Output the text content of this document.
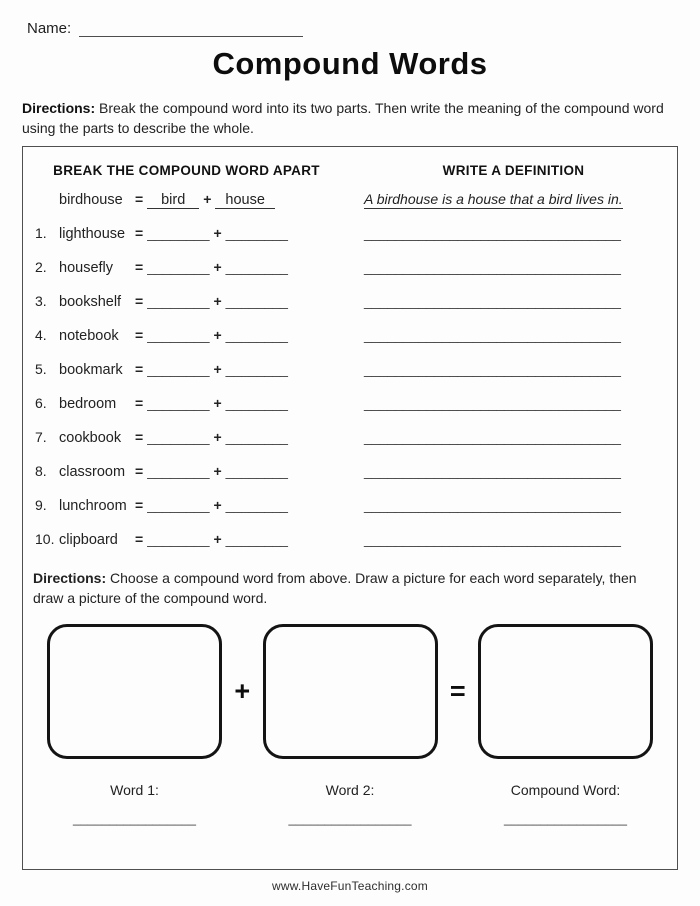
Name:
Compound Words
Directions: Break the compound word into its two parts. Then write the meaning of the compound word using the parts to describe the whole.
BREAK THE COMPOUND WORD APART	WRITE A DEFINITION
birdhouse =	bird	+ house	A birdhouse is a house that a bird lives in.
1. lighthouse = ________ + ________	_________________________________
2. housefly	= ________ + ________	_________________________________
3. bookshelf = ________ + ________	_________________________________
4. notebook	= ________ + ________	_________________________________
5. bookmark = ________ + ________	_________________________________
6. bedroom	= ________ + ________	_________________________________
7. cookbook = ________ + ________	_________________________________
8. classroom = ________ + ________	_________________________________
9. lunchroom = ________ + ________	_________________________________
10. clipboard	= ________ + ________	_________________________________
Directions: Choose a compound word from above. Draw a picture for each word separately, then draw a picture of the compound word.
+	=
Word 1:	Word 2:	Compound Word:
_________________	_________________	_________________
www.HaveFunTeaching.com
